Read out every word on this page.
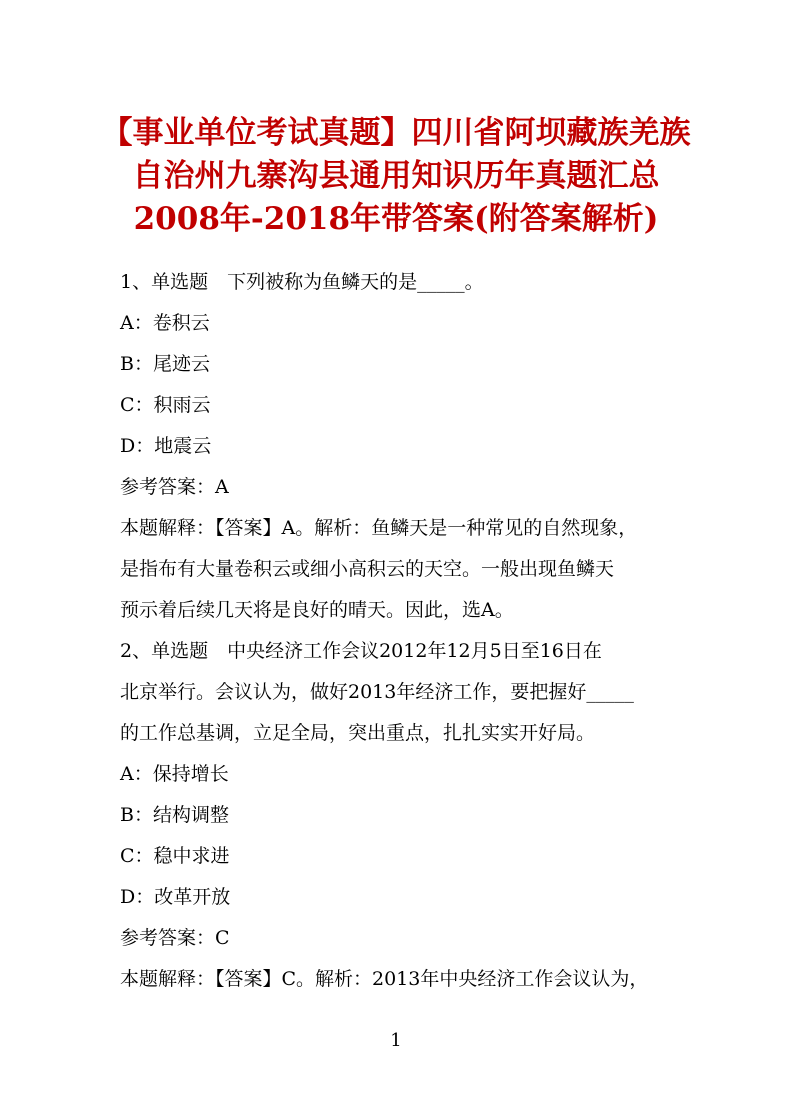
【事业单位考试真题】四川省阿坝藏族羌族
自治州九寨沟县通用知识历年真题汇总
2008年-2018年带答案(附答案解析)
1、单选题　下列被称为鱼鳞天的是_____。
A：卷积云
B：尾迹云
C：积雨云
D：地震云
参考答案：A
本题解释：【答案】A。解析：鱼鳞天是一种常见的自然现象，
是指布有大量卷积云或细小高积云的天空。一般出现鱼鳞天
预示着后续几天将是良好的晴天。因此，选A。
2、单选题　中央经济工作会议2012年12月5日至16日在
北京举行。会议认为，做好2013年经济工作，要把握好_____
的工作总基调，立足全局，突出重点，扎扎实实开好局。
A：保持增长
B：结构调整
C：稳中求进
D：改革开放
参考答案：C
本题解释：【答案】C。解析：2013年中央经济工作会议认为，
1
